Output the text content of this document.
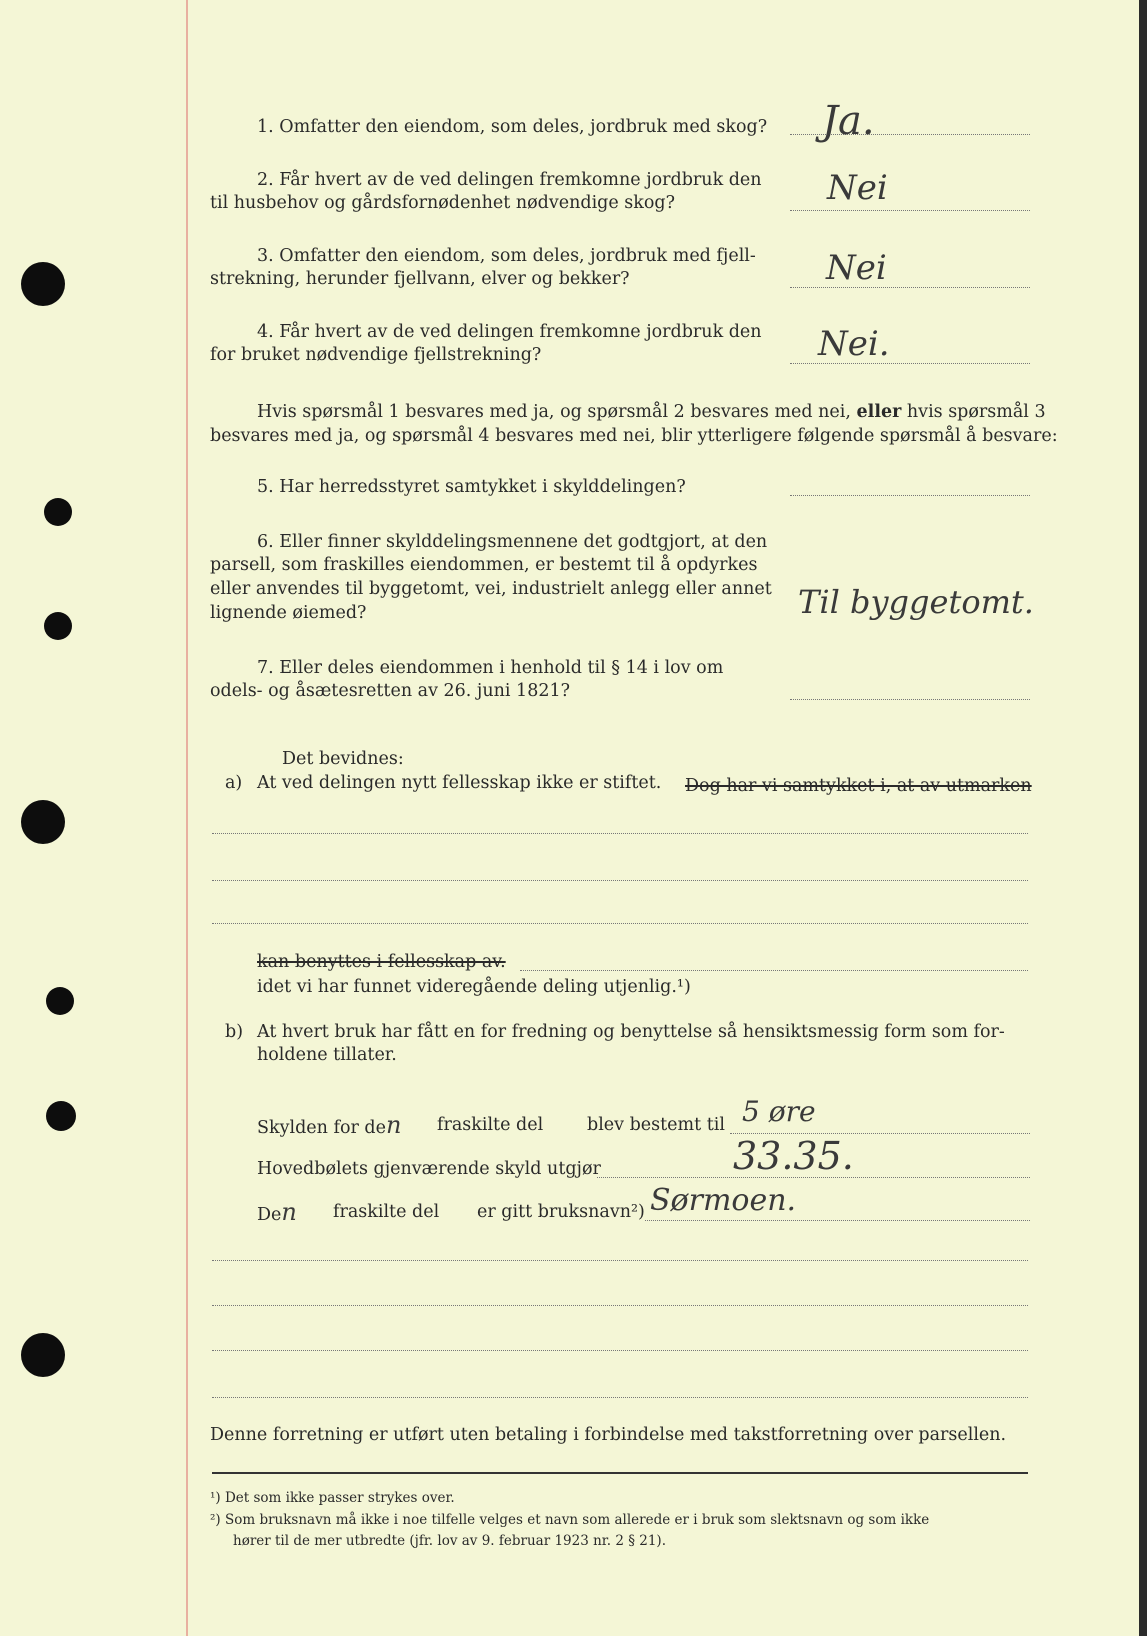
1. Omfatter den eiendom, som deles, jordbruk med skog? Ja.
2. Får hvert av de ved delingen fremkomne jordbruk den
til husbehov og gårdsfornødenhet nødvendige skog?	Nei
3. Omfatter den eiendom, som deles, jordbruk med fjell-
strekning, herunder fjellvann, elver og bekker?	Nei
4. Får hvert av de ved delingen fremkomne jordbruk den
for bruket nødvendige fjellstrekning?	Nei.
Hvis spørsmål 1 besvares med ja, og spørsmål 2 besvares med nei, eller hvis spørsmål 3
besvares med ja, og spørsmål 4 besvares med nei, blir ytterligere følgende spørsmål å besvare:
5. Har herredsstyret samtykket i skylddelingen?
6. Eller finner skylddelingsmennene det godtgjort, at den
parsell, som fraskilles eiendommen, er bestemt til å opdyrkes
eller anvendes til byggetomt, vei, industrielt anlegg eller annet
lignende øiemed?	Til byggetomt.
7. Eller deles eiendommen i henhold til § 14 i lov om
odels- og åsætesretten av 26. juni 1821?
Det bevidnes:
a) At ved delingen nytt fellesskap ikke er stiftet. Dog har vi samtykket i, at av utmarken
kan benyttes i fellesskap av.
idet vi har funnet videregående deling utjenlig.¹)
b) At hvert bruk har fått en for fredning og benyttelse så hensiktsmessig form som for-
holdene tillater.
Skylden for den fraskilte del	blev bestemt til 5 øre
Hovedbølets gjenværende skyld utgjør	33.35.
Den fraskilte del er gitt bruksnavn²) Sørmoen.
Denne forretning er utført uten betaling i forbindelse med takstforretning over parsellen.
¹) Det som ikke passer strykes over.
²) Som bruksnavn må ikke i noe tilfelle velges et navn som allerede er i bruk som slektsnavn og som ikke
hører til de mer utbredte (jfr. lov av 9. februar 1923 nr. 2 § 21).
